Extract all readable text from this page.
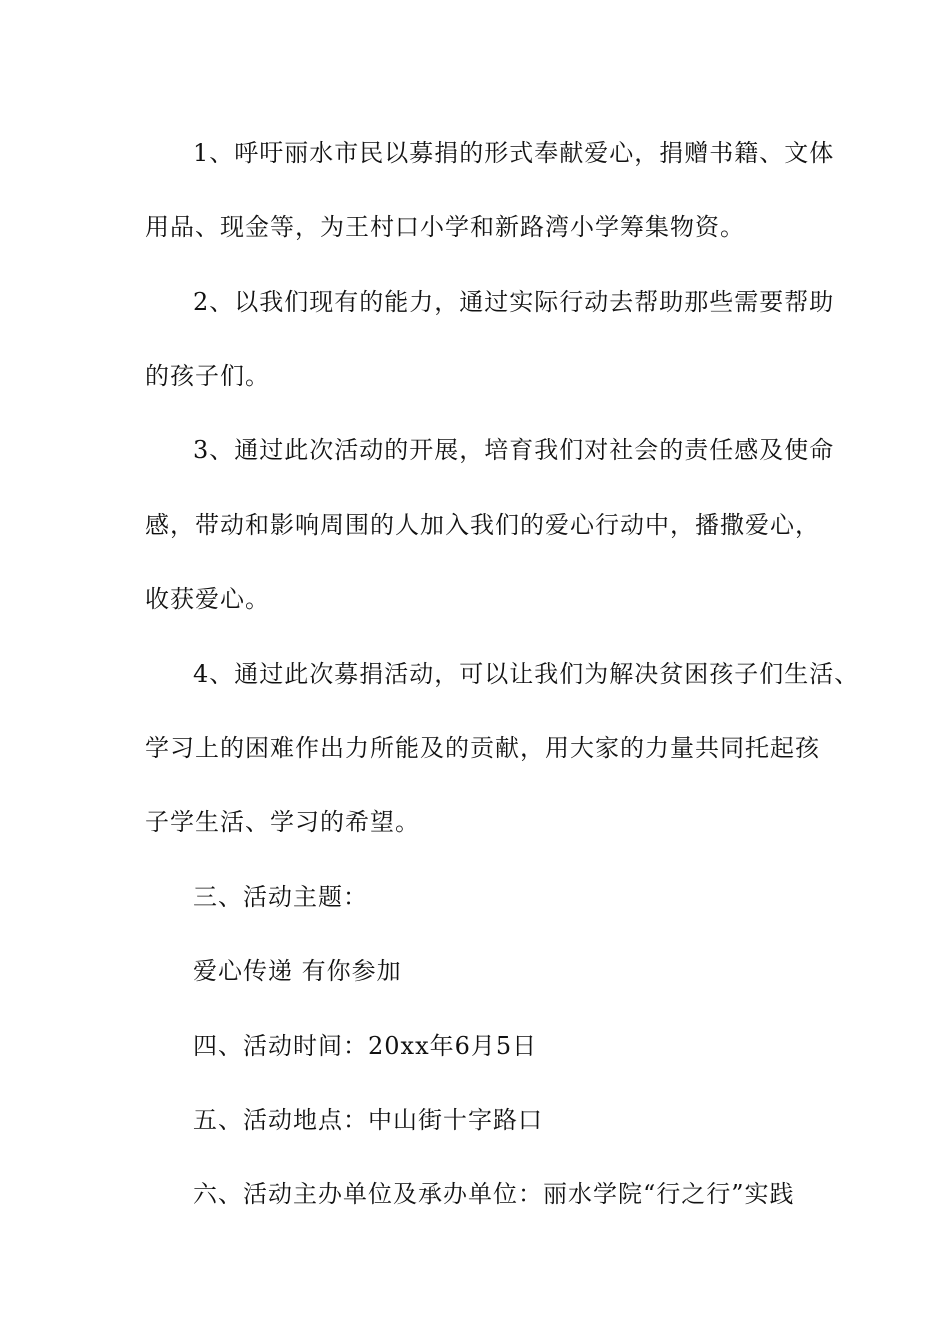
1、呼吁丽水市民以募捐的形式奉献爱心，捐赠书籍、文体
用品、现金等，为王村口小学和新路湾小学筹集物资。
2、以我们现有的能力，通过实际行动去帮助那些需要帮助
的孩子们。
3、通过此次活动的开展，培育我们对社会的责任感及使命
感，带动和影响周围的人加入我们的爱心行动中，播撒爱心，
收获爱心。
4、通过此次募捐活动，可以让我们为解决贫困孩子们生活、
学习上的困难作出力所能及的贡献，用大家的力量共同托起孩
子学生活、学习的希望。
三、活动主题：
爱心传递 有你参加
四、活动时间：20xx年6月5日
五、活动地点：中山街十字路口
六、活动主办单位及承办单位：丽水学院“行之行”实践
